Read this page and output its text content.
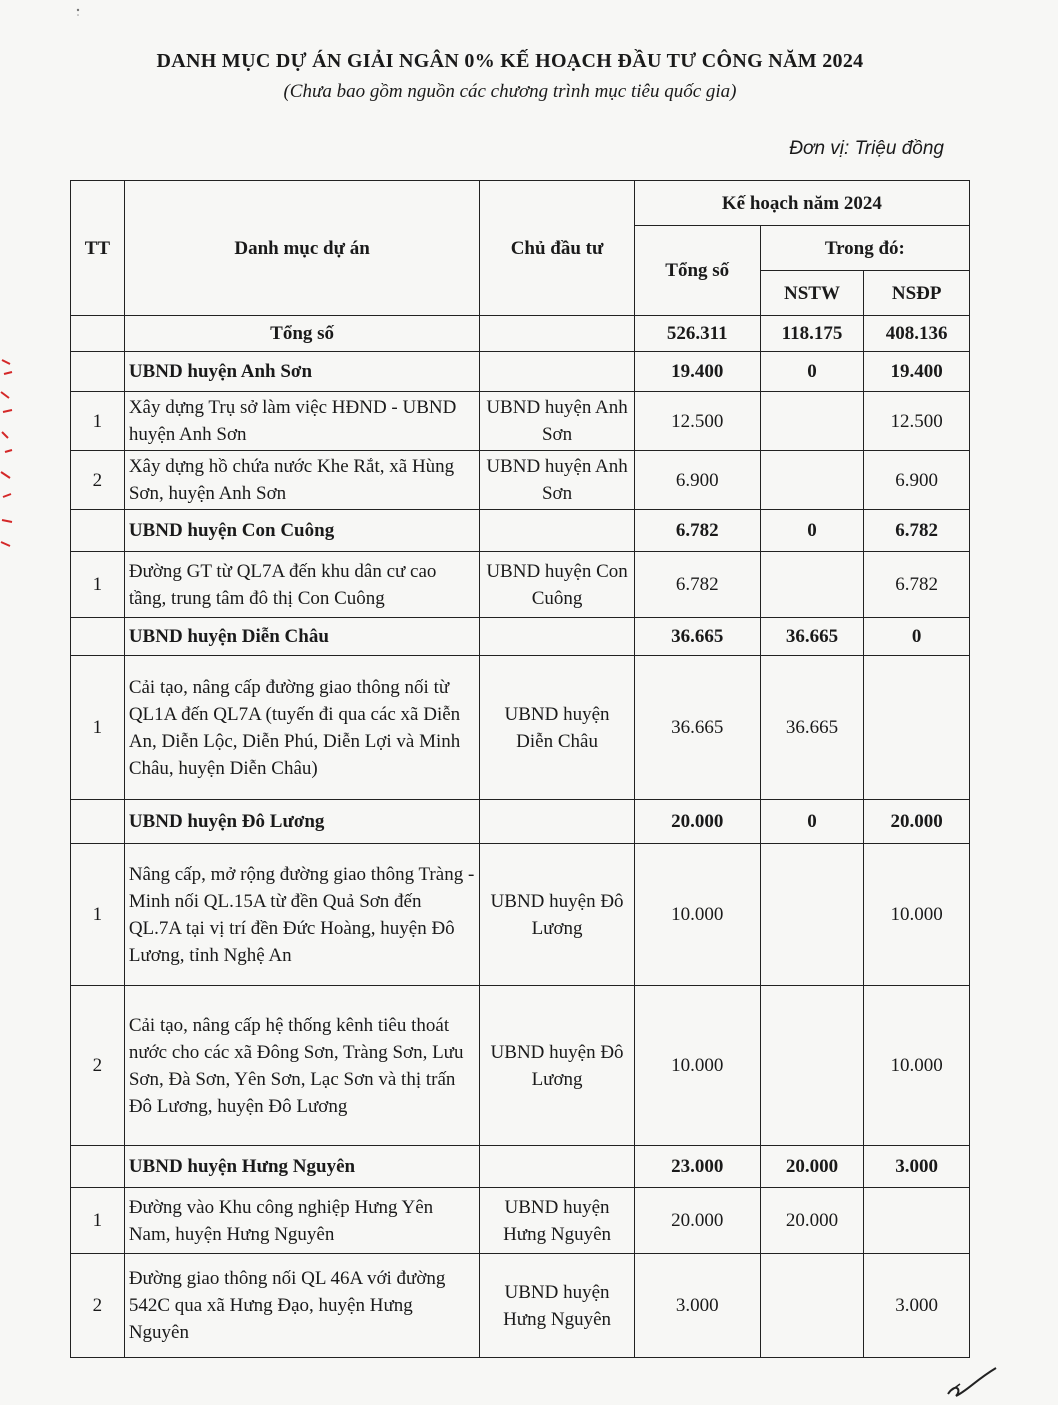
DANH MỤC DỰ ÁN GIẢI NGÂN 0% KẾ HOẠCH ĐẦU TƯ CÔNG NĂM 2024
(Chưa bao gồm nguồn các chương trình mục tiêu quốc gia)
Đơn vị: Triệu đồng
TT	Danh mục dự án	Chủ đầu tư	Kế hoạch năm 2024		
			Tổng số	Trong đó:	
				NSTW	NSĐP
	Tổng số		526.311	118.175	408.136
	UBND huyện Anh Sơn		19.400	0	19.400
1	Xây dựng Trụ sở làm việc HĐND - UBND huyện Anh Sơn	UBND huyện Anh Sơn	12.500		12.500
2	Xây dựng hồ chứa nước Khe Rắt, xã Hùng Sơn, huyện Anh Sơn	UBND huyện Anh Sơn	6.900		6.900
	UBND huyện Con Cuông		6.782	0	6.782
1	Đường GT từ QL7A đến khu dân cư cao tầng, trung tâm đô thị Con Cuông	UBND huyện Con Cuông	6.782		6.782
	UBND huyện Diễn Châu		36.665	36.665	0
1	Cải tạo, nâng cấp đường giao thông nối từ QL1A đến QL7A (tuyến đi qua các xã Diễn An, Diễn Lộc, Diễn Phú, Diễn Lợi và Minh Châu, huyện Diễn Châu)	UBND huyện Diễn Châu	36.665	36.665	
	UBND huyện Đô Lương		20.000	0	20.000
1	Nâng cấp, mở rộng đường giao thông Tràng - Minh nối QL.15A từ đền Quả Sơn đến QL.7A tại vị trí đền Đức Hoàng, huyện Đô Lương, tỉnh Nghệ An	UBND huyện Đô Lương	10.000		10.000
2	Cải tạo, nâng cấp hệ thống kênh tiêu thoát nước cho các xã Đông Sơn, Tràng Sơn, Lưu Sơn, Đà Sơn, Yên Sơn, Lạc Sơn và thị trấn Đô Lương, huyện Đô Lương	UBND huyện Đô Lương	10.000		10.000
	UBND huyện Hưng Nguyên		23.000	20.000	3.000
1	Đường vào Khu công nghiệp Hưng Yên Nam, huyện Hưng Nguyên	UBND huyện Hưng Nguyên	20.000	20.000	
2	Đường giao thông nối QL 46A với đường 542C qua xã Hưng Đạo, huyện Hưng Nguyên	UBND huyện Hưng Nguyên	3.000		3.000
